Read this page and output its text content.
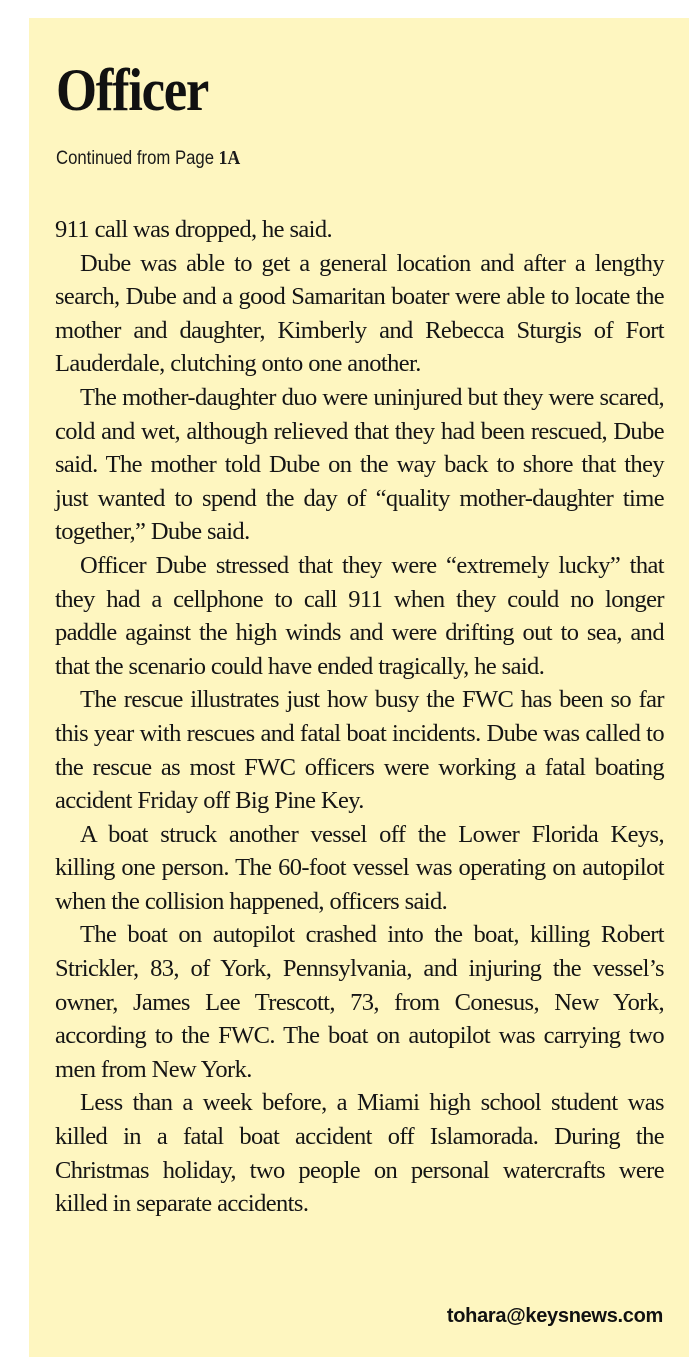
Officer
Continued from Page 1A

911 call was dropped, he said.

Dube was able to get a general location and after a lengthy search, Dube and a good Samaritan boater were able to locate the mother and daughter, Kimberly and Rebecca Sturgis of Fort Lauderdale, clutching onto one another.

The mother-daughter duo were uninjured but they were scared, cold and wet, although relieved that they had been rescued, Dube said. The mother told Dube on the way back to shore that they just wanted to spend the day of “quality mother-daughter time together,” Dube said.

Officer Dube stressed that they were “extremely lucky” that they had a cellphone to call 911 when they could no longer paddle against the high winds and were drifting out to sea, and that the scenario could have ended tragically, he said.

The rescue illustrates just how busy the FWC has been so far this year with rescues and fatal boat incidents. Dube was called to the rescue as most FWC officers were working a fatal boating accident Friday off Big Pine Key.

A boat struck another vessel off the Lower Florida Keys, killing one person. The 60-foot vessel was operating on autopilot when the collision happened, officers said.

The boat on autopilot crashed into the boat, killing Robert Strickler, 83, of York, Pennsylvania, and injuring the vessel’s owner, James Lee Trescott, 73, from Conesus, New York, according to the FWC. The boat on autopilot was carrying two men from New York.

Less than a week before, a Miami high school student was killed in a fatal boat accident off Islamorada. During the Christmas holiday, two people on personal watercrafts were killed in separate accidents.

tohara@keysnews.com
